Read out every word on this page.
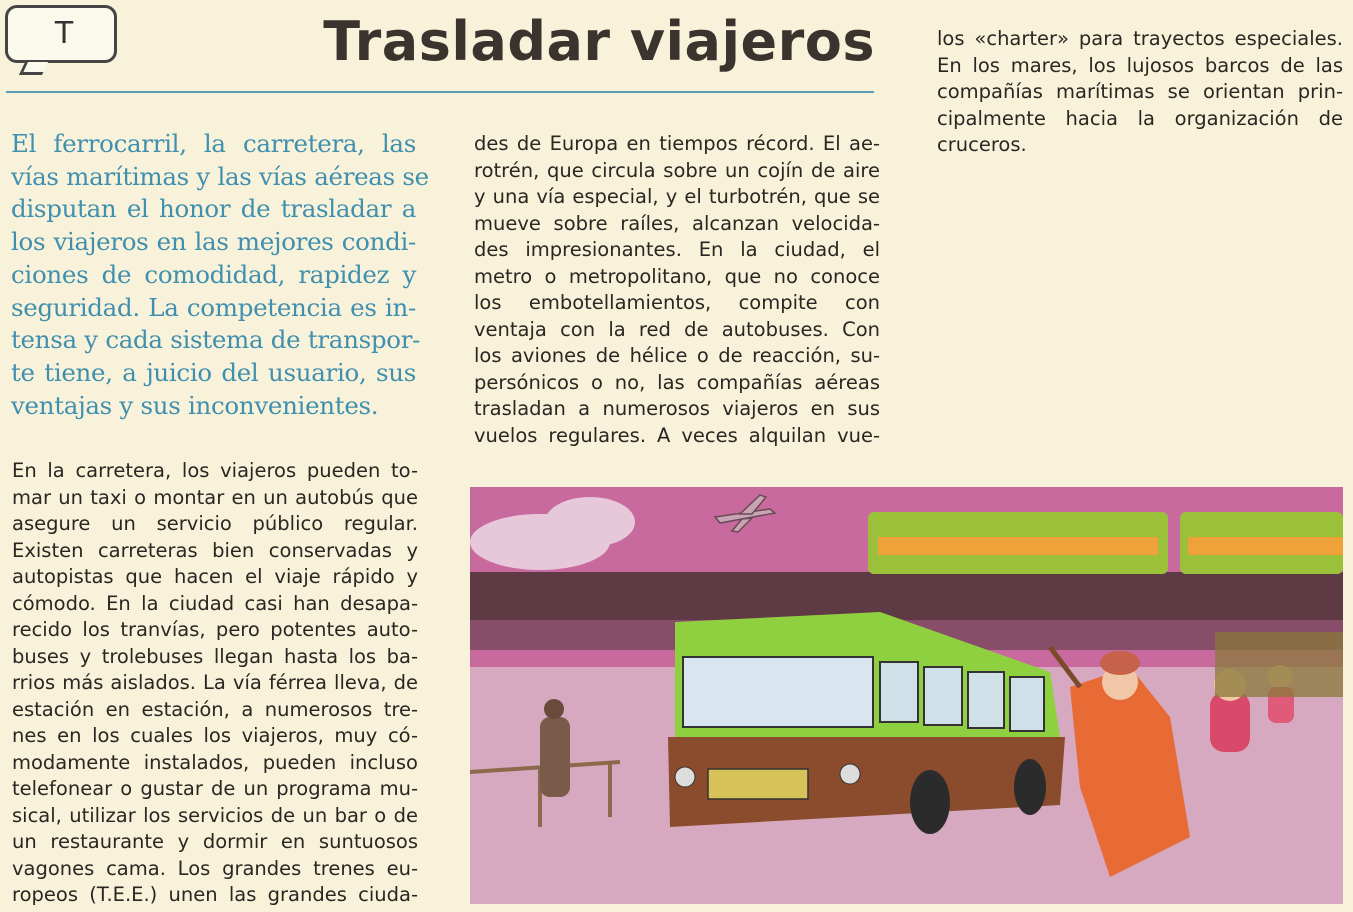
T	Trasladar viajeros

El ferrocarril, la carretera, las
vías marítimas y las vías aéreas se
disputan el honor de trasladar a
los viajeros en las mejores condi-
ciones de comodidad, rapidez y
seguridad. La competencia es in-
tensa y cada sistema de transpor-
te tiene, a juicio del usuario, sus
ventajas y sus inconvenientes.

En la carretera, los viajeros pueden to-
mar un taxi o montar en un autobús que
asegure un servicio público regular.
Existen carreteras bien conservadas y
autopistas que hacen el viaje rápido y
cómodo. En la ciudad casi han desapa-
recido los tranvías, pero potentes auto-
buses y trolebuses llegan hasta los ba-
rrios más aislados. La vía férrea lleva, de
estación en estación, a numerosos tre-
nes en los cuales los viajeros, muy có-
modamente instalados, pueden incluso
telefonear o gustar de un programa mu-
sical, utilizar los servicios de un bar o de
un restaurante y dormir en suntuosos
vagones cama. Los grandes trenes eu-
ropeos (T.E.E.) unen las grandes ciuda-

des de Europa en tiempos récord. El ae-
rotrén, que circula sobre un cojín de aire
y una vía especial, y el turbotrén, que se
mueve sobre raíles, alcanzan velocida-
des impresionantes. En la ciudad, el
metro o metropolitano, que no conoce
los embotellamientos, compite con
ventaja con la red de autobuses. Con
los aviones de hélice o de reacción, su-
persónicos o no, las compañías aéreas
trasladan a numerosos viajeros en sus
vuelos regulares. A veces alquilan vue-

los «charter» para trayectos especiales.
En los mares, los lujosos barcos de las
compañías marítimas se orientan prin-
cipalmente hacia la organización de
cruceros.
